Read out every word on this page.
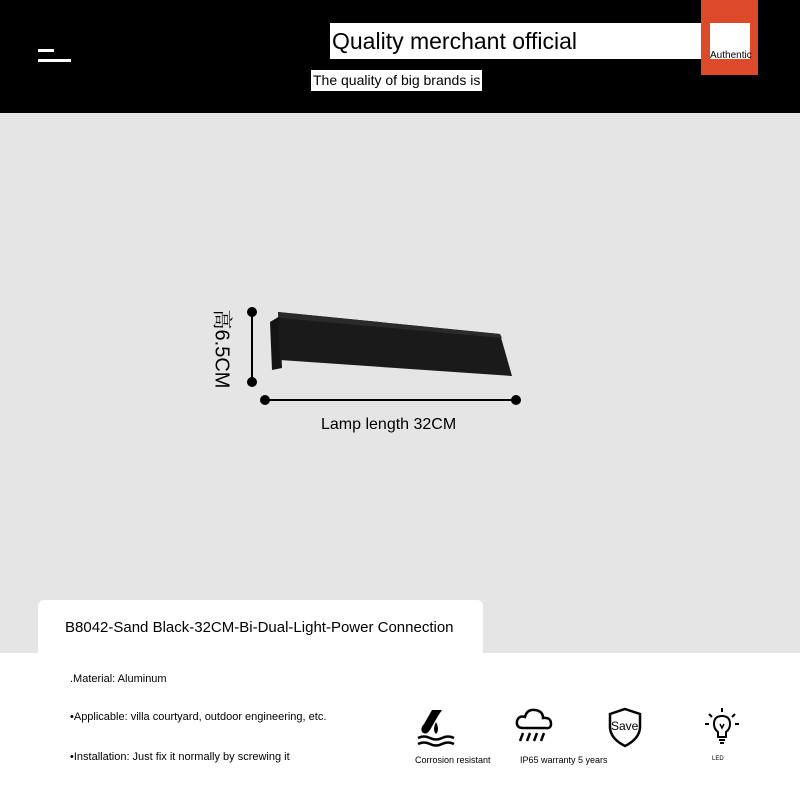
Quality merchant official
The quality of big brands is
Authentic
高6.5CM
Lamp length 32CM
B8042-Sand Black-32CM-Bi-Dual-Light-Power Connection
.Material: Aluminum
•Applicable: villa courtyard, outdoor engineering, etc.
•Installation: Just fix it normally by screwing it	Corrosion resistant	IP65 warranty 5 years
Save
LED
